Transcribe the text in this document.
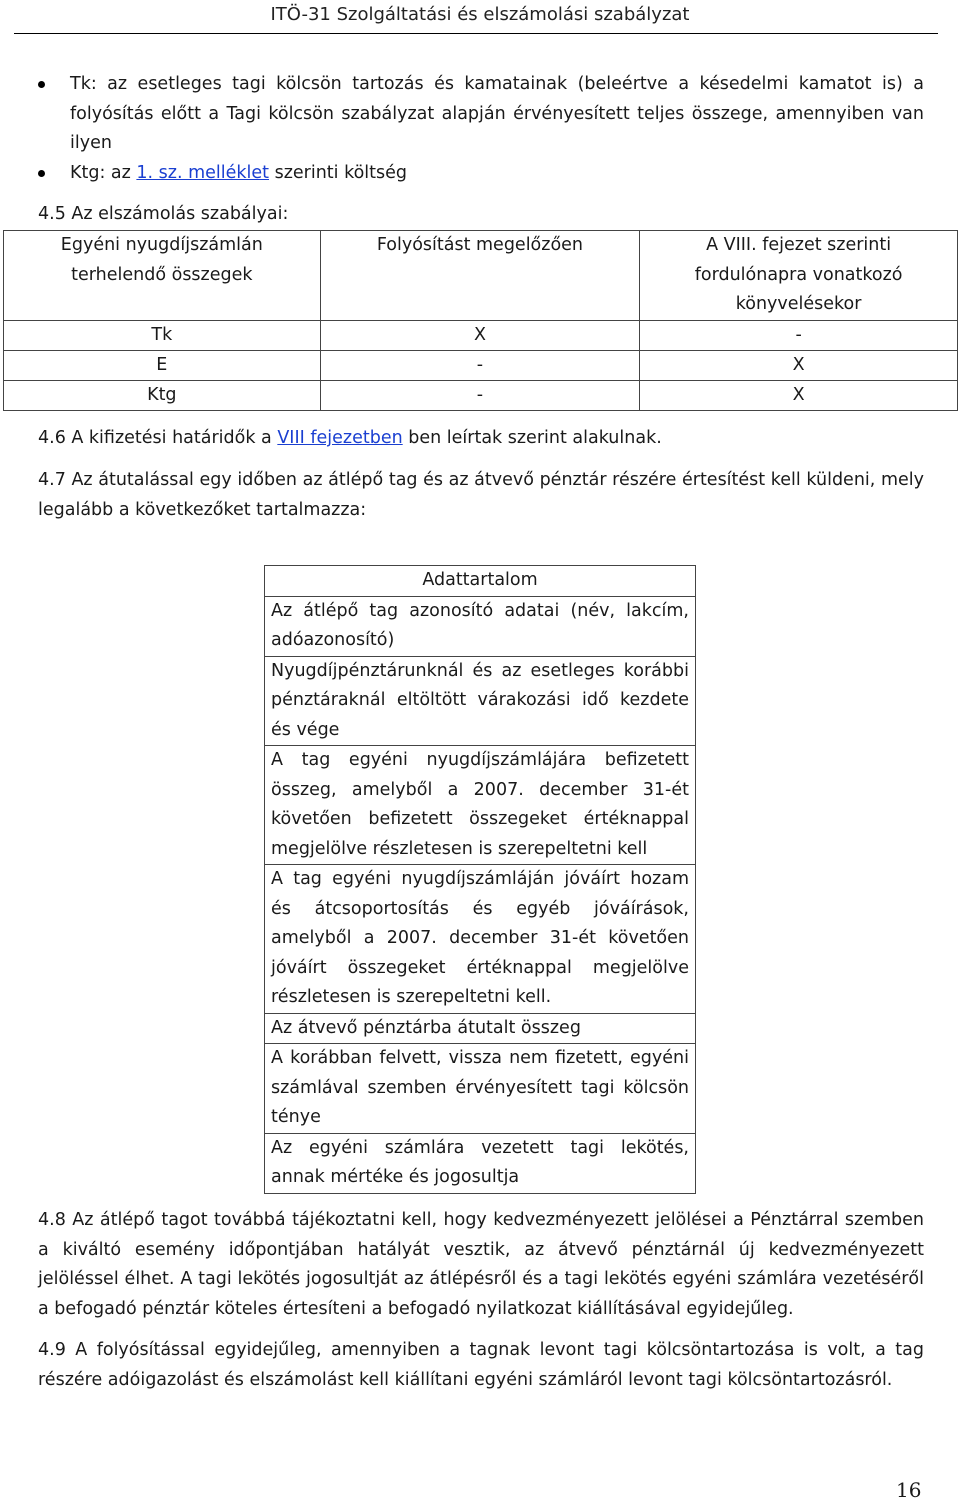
ITÖ-31 Szolgáltatási és elszámolási szabályzat
Tk: az esetleges tagi kölcsön tartozás és kamatainak (beleértve a késedelmi kamatot is) a folyósítás előtt a Tagi kölcsön szabályzat alapján érvényesített teljes összege, amennyiben van ilyen
Ktg: az 1. sz. melléklet szerinti költség
4.5 Az elszámolás szabályai:
Egyéni nyugdíjszámlán terhelendő összegek	Folyósítást megelőzően	A VIII. fejezet szerinti fordulónapra vonatkozó könyvelésekor

Tk	X	-
E	-	X
Ktg	-	X
4.6 A kifizetési határidők a VIII fejezetben ben leírtak szerint alakulnak.
4.7 Az átutalással egy időben az átlépő tag és az átvevő pénztár részére értesítést kell küldeni, mely legalább a következőket tartalmazza:
Adattartalom
Az átlépő tag azonosító adatai (név, lakcím, adóazonosító)
Nyugdíjpénztárunknál és az esetleges korábbi pénztáraknál eltöltött várakozási idő kezdete és vége
A tag egyéni nyugdíjszámlájára befizetett összeg, amelyből a 2007. december 31-ét követően befizetett összegeket értéknappal megjelölve részletesen is szerepeltetni kell
A tag egyéni nyugdíjszámláján jóváírt hozam és átcsoportosítás és egyéb jóváírások, amelyből a 2007. december 31-ét követően jóváírt összegeket értéknappal megjelölve részletesen is szerepeltetni kell.
Az átvevő pénztárba átutalt összeg
A korábban felvett, vissza nem fizetett, egyéni számlával szemben érvényesített tagi kölcsön ténye
Az egyéni számlára vezetett tagi lekötés, annak mértéke és jogosultja
4.8 Az átlépő tagot továbbá tájékoztatni kell, hogy kedvezményezett jelölései a Pénztárral szemben a kiváltó esemény időpontjában hatályát vesztik, az átvevő pénztárnál új kedvezményezett jelöléssel élhet. A tagi lekötés jogosultját az átlépésről és a tagi lekötés egyéni számlára vezetéséről a befogadó pénztár köteles értesíteni a befogadó nyilatkozat kiállításával egyidejűleg.
4.9 A folyósítással egyidejűleg, amennyiben a tagnak levont tagi kölcsöntartozása is volt, a tag részére adóigazolást és elszámolást kell kiállítani egyéni számláról levont tagi kölcsöntartozásról.
16
